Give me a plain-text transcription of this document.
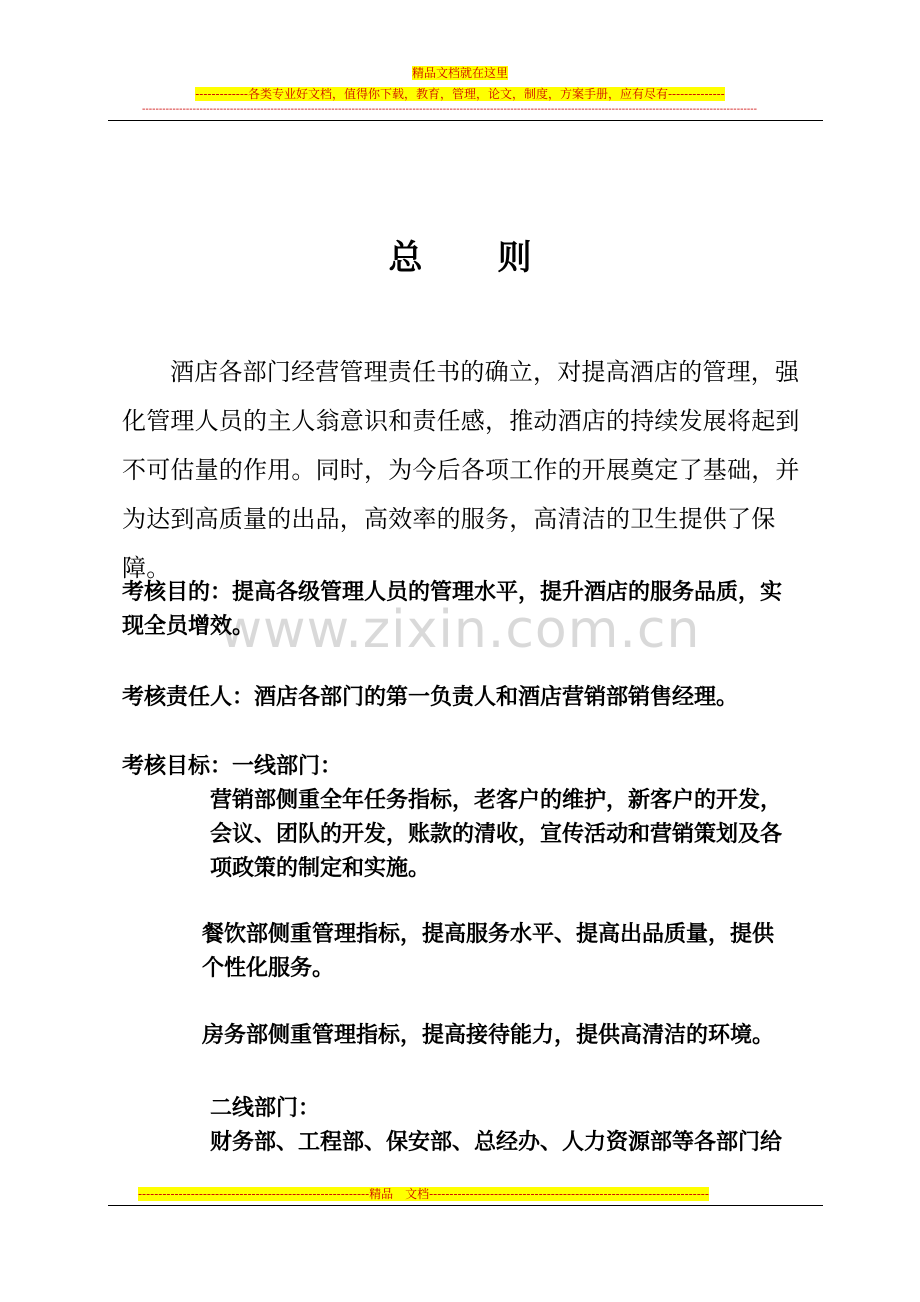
精品文档就在这里
-------------各类专业好文档，值得你下载，教育，管理，论文，制度，方案手册，应有尽有--------------
--------------------------------------------------------------------------------------------------------------------------------------------------------------------------------------
总 则
酒店各部门经营管理责任书的确立，对提高酒店的管理，强化管理人员的主人翁意识和责任感，推动酒店的持续发展将起到不可估量的作用。同时，为今后各项工作的开展奠定了基础，并为达到高质量的出品，高效率的服务，高清洁的卫生提供了保障。
www.zixin.com.cn
考核目的：提高各级管理人员的管理水平，提升酒店的服务品质，实
现全员增效。
考核责任人：酒店各部门的第一负责人和酒店营销部销售经理。
考核目标：一线部门：
营销部侧重全年任务指标，老客户的维护，新客户的开发，
会议、团队的开发，账款的清收，宣传活动和营销策划及各
项政策的制定和实施。
餐饮部侧重管理指标，提高服务水平、提高出品质量，提供
个性化服务。
房务部侧重管理指标，提高接待能力，提供高清洁的环境。
二线部门：
财务部、工程部、保安部、总经办、人力资源部等各部门给
---------------------------------------------------------精品　文档---------------------------------------------------------------------
